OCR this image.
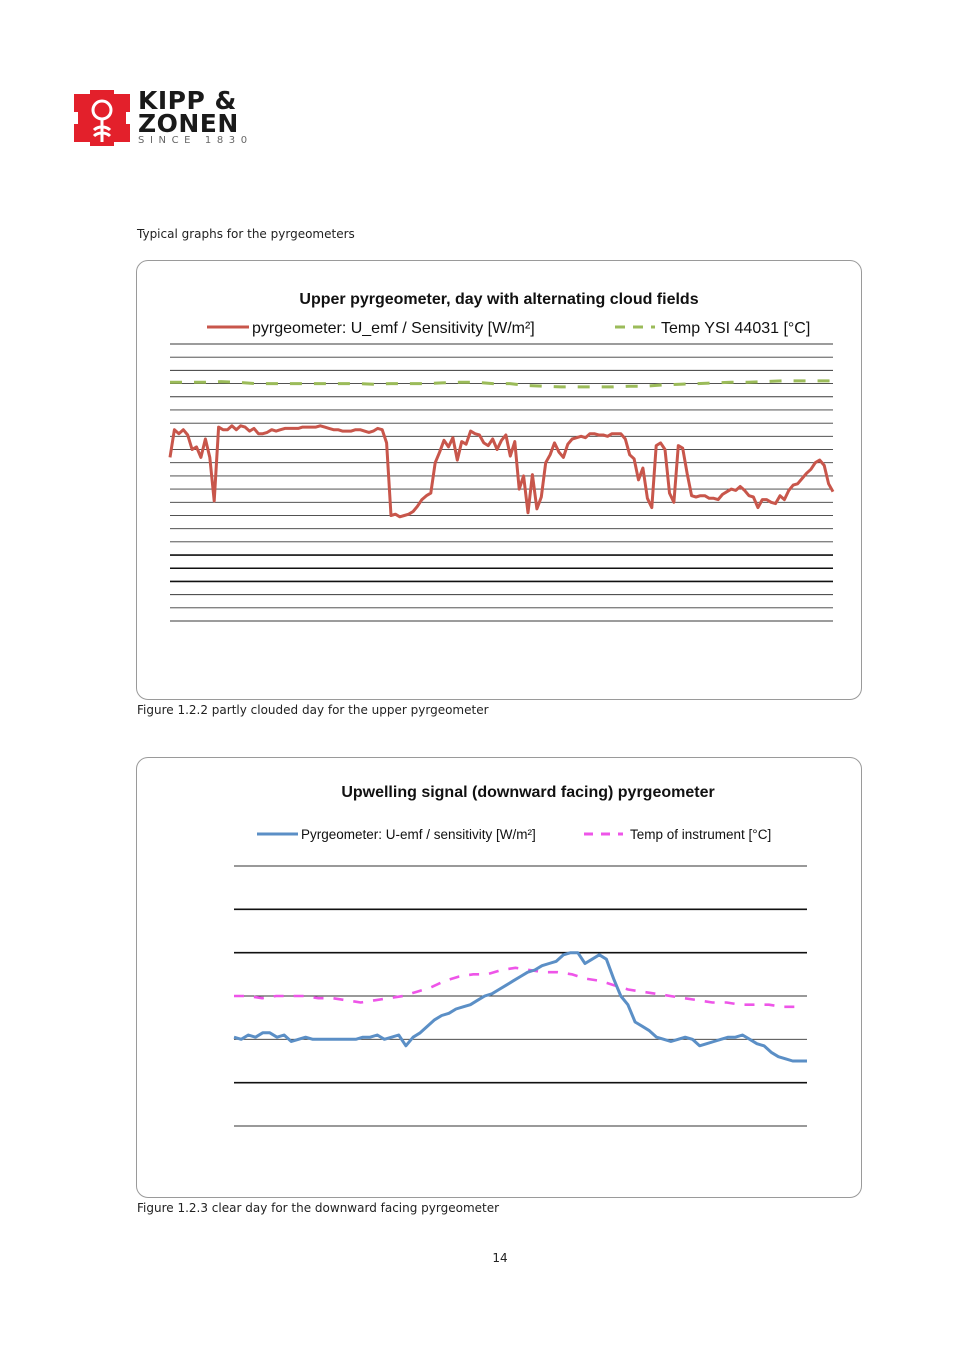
KIPP &
ZONEN
SINCE 1830
Typical graphs for the pyrgeometers
Upper pyrgeometer, day with alternating cloud fields
pyrgeometer: U_emf / Sensitivity [W/m²]	Temp YSI 44031 [°C]
Figure 1.2.2 partly clouded day for the upper pyrgeometer
Upwelling signal (downward facing) pyrgeometer
Pyrgeometer: U-emf / sensitivity [W/m²]	Temp of instrument [°C]
Figure 1.2.3 clear day for the downward facing pyrgeometer
14
